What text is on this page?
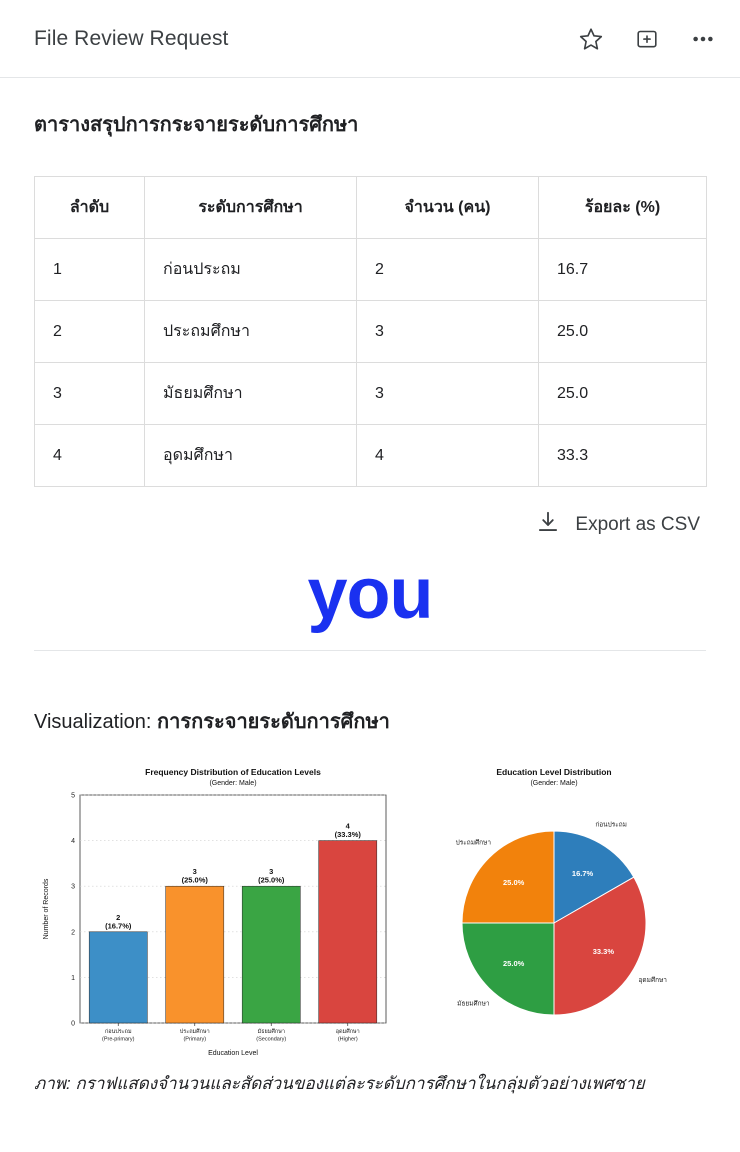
File Review Request
ตารางสรุปการกระจายระดับการศึกษา
ลำดับ	ระดับการศึกษา	จำนวน (คน)	ร้อยละ (%)
1	ก่อนประถม	2	16.7
2	ประถมศึกษา	3	25.0
3	มัธยมศึกษา	3	25.0
4	อุดมศึกษา	4	33.3
Export as CSV
you
Visualization: การกระจายระดับการศึกษา
0
1
2
3
4
5
2
(16.7%)
3
(25.0%)
3
(25.0%)
4
(33.3%)
ก่อนประถม
(Pre-primary)
ประถมศึกษา
(Primary)
มัธยมศึกษา
(Secondary)
อุดมศึกษา
(Higher)
Frequency Distribution of Education Levels
(Gender: Male)
Education Level
Number of Records
16.7%
33.3%
25.0%
25.0%
ก่อนประถม
อุดมศึกษา
มัธยมศึกษา
ประถมศึกษา
Education Level Distribution
(Gender: Male)
ภาพ: กราฟแสดงจำนวนและสัดส่วนของแต่ละระดับการศึกษาในกลุ่มตัวอย่างเพศชาย
